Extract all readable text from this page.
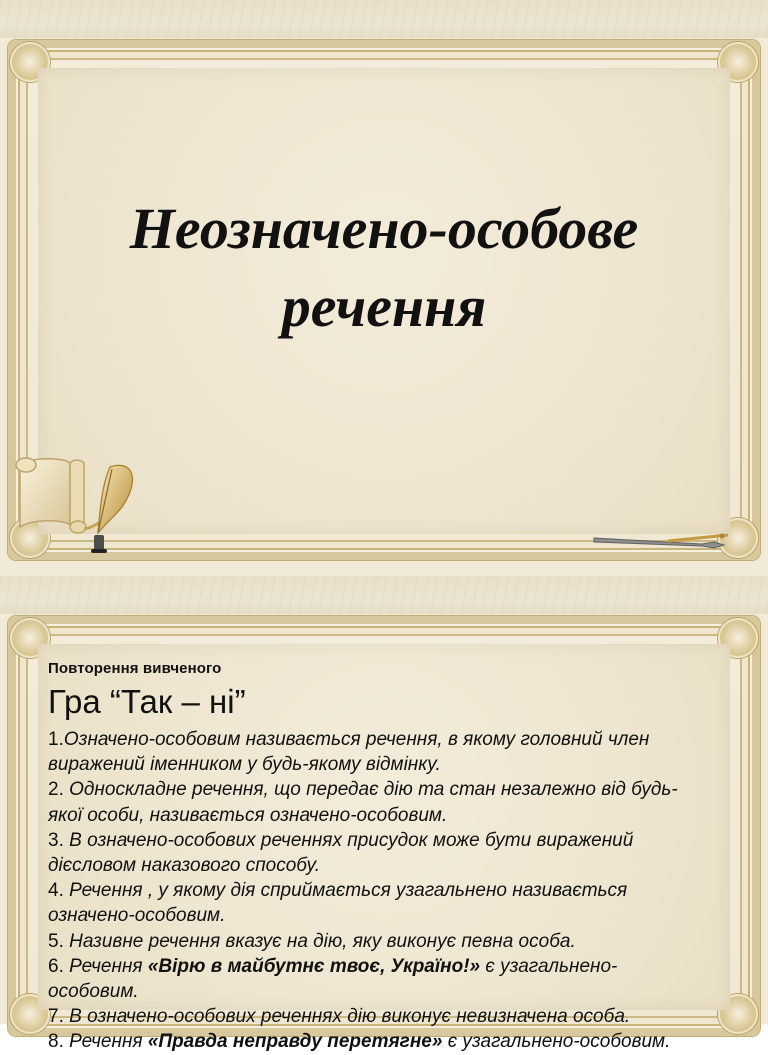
Неозначено-особове
речення
Повторення вивченого
Гра “Так – ні”

1.Означено-особовим називається речення, в якому головний член виражений іменником у будь-якому відмінку.

2. Односкладне речення, що передає дію та стан незалежно від будь-якої особи, називається означено-особовим.

3. В означено-особових реченнях присудок може бути виражений дієсловом наказового способу.

4. Речення , у якому дія сприймається узагальнено називається означено-особовим.

5. Називне речення вказує на дію, яку виконує певна особа.

6. Речення «Вірю в майбутнє твоє, Україно!» є узагальнено-особовим.

7. В означено-особових реченнях дію виконує невизначена особа.

8. Речення «Правда неправду перетягне» є узагальнено-особовим.
